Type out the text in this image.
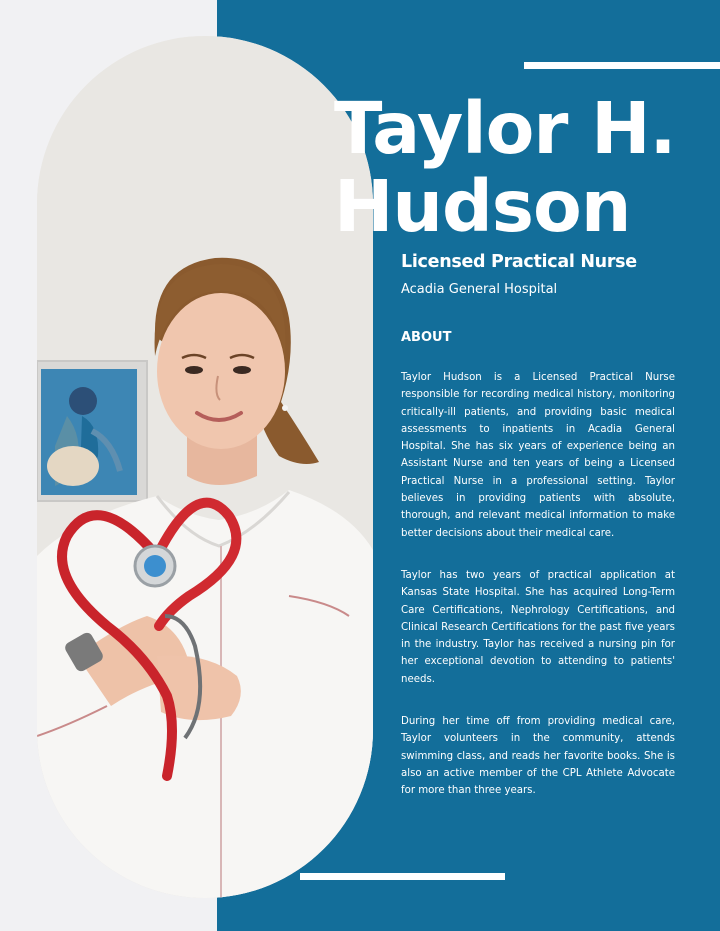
Taylor H.
Hudson

Licensed Practical Nurse

Acadia General Hospital

ABOUT

Taylor Hudson is a Licensed Practical Nurse responsible for recording medical history, monitoring critically-ill patients, and providing basic medical assessments to inpatients in Acadia General Hospital. She has six years of experience being an Assistant Nurse and ten years of being a Licensed Practical Nurse in a professional setting. Taylor believes in providing patients with absolute, thorough, and relevant medical information to make better decisions about their medical care.

Taylor has two years of practical application at Kansas State Hospital. She has acquired Long-Term Care Certifications, Nephrology Certifications, and Clinical Research Certifications for the past five years in the industry. Taylor has received a nursing pin for her exceptional devotion to attending to patients' needs.

During her time off from providing medical care, Taylor volunteers in the community, attends swimming class, and reads her favorite books. She is also an active member of the CPL Athlete Advocate for more than three years.
